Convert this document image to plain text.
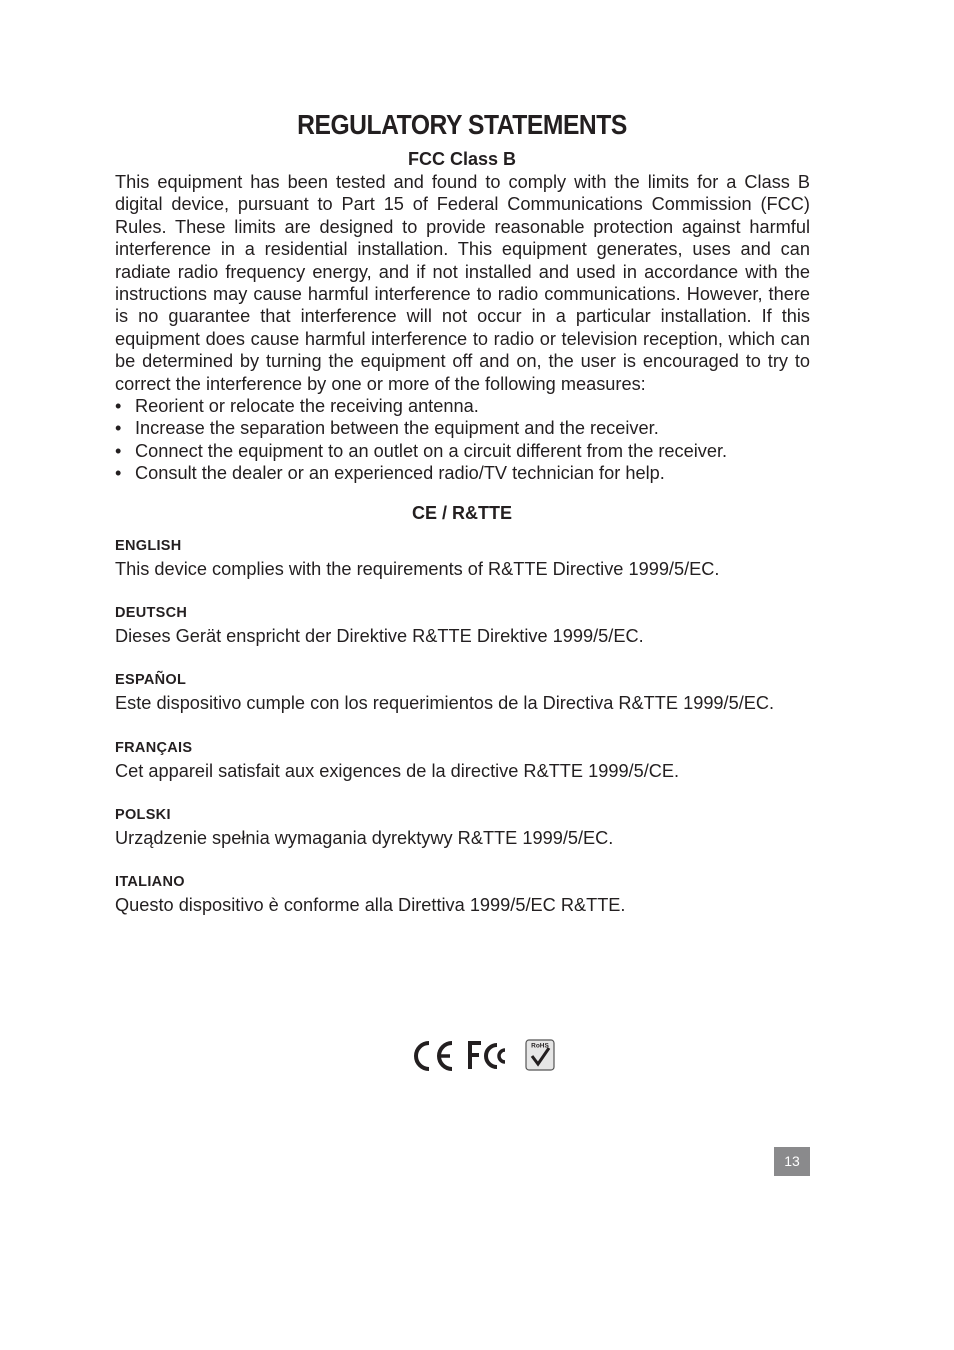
REGULATORY STATEMENTS
FCC Class B

This equipment has been tested and found to comply with the limits for a Class B digital device, pursuant to Part 15 of Federal Communications Commission (FCC) Rules. These limits are designed to provide reasonable protection against harmful interference in a residential installation. This equipment generates, uses and can radiate radio frequency energy, and if not installed and used in accordance with the instructions may cause harmful interference to radio communications. However, there is no guarantee that interference will not occur in a particular installation. If this equipment does cause harmful interference to radio or television reception, which can be determined by turning the equipment off and on, the user is encouraged to try to correct the interference by one or more of the following measures:

• Reorient or relocate the receiving antenna.
• Increase the separation between the equipment and the receiver.
• Connect the equipment to an outlet on a circuit different from the receiver.
• Consult the dealer or an experienced radio/TV technician for help.
CE / R&TTE
ENGLISH
This device complies with the requirements of R&TTE Directive 1999/5/EC.
DEUTSCH
Dieses Gerät enspricht der Direktive R&TTE Direktive 1999/5/EC.
ESPAÑOL
Este dispositivo cumple con los requerimientos de la Directiva R&TTE 1999/5/EC.
FRANÇAIS
Cet appareil satisfait aux exigences de la directive R&TTE 1999/5/CE.
POLSKI
Urządzenie spełnia wymagania dyrektywy R&TTE 1999/5/EC.
ITALIANO
Questo dispositivo è conforme alla Direttiva 1999/5/EC R&TTE.
RoHS
13
